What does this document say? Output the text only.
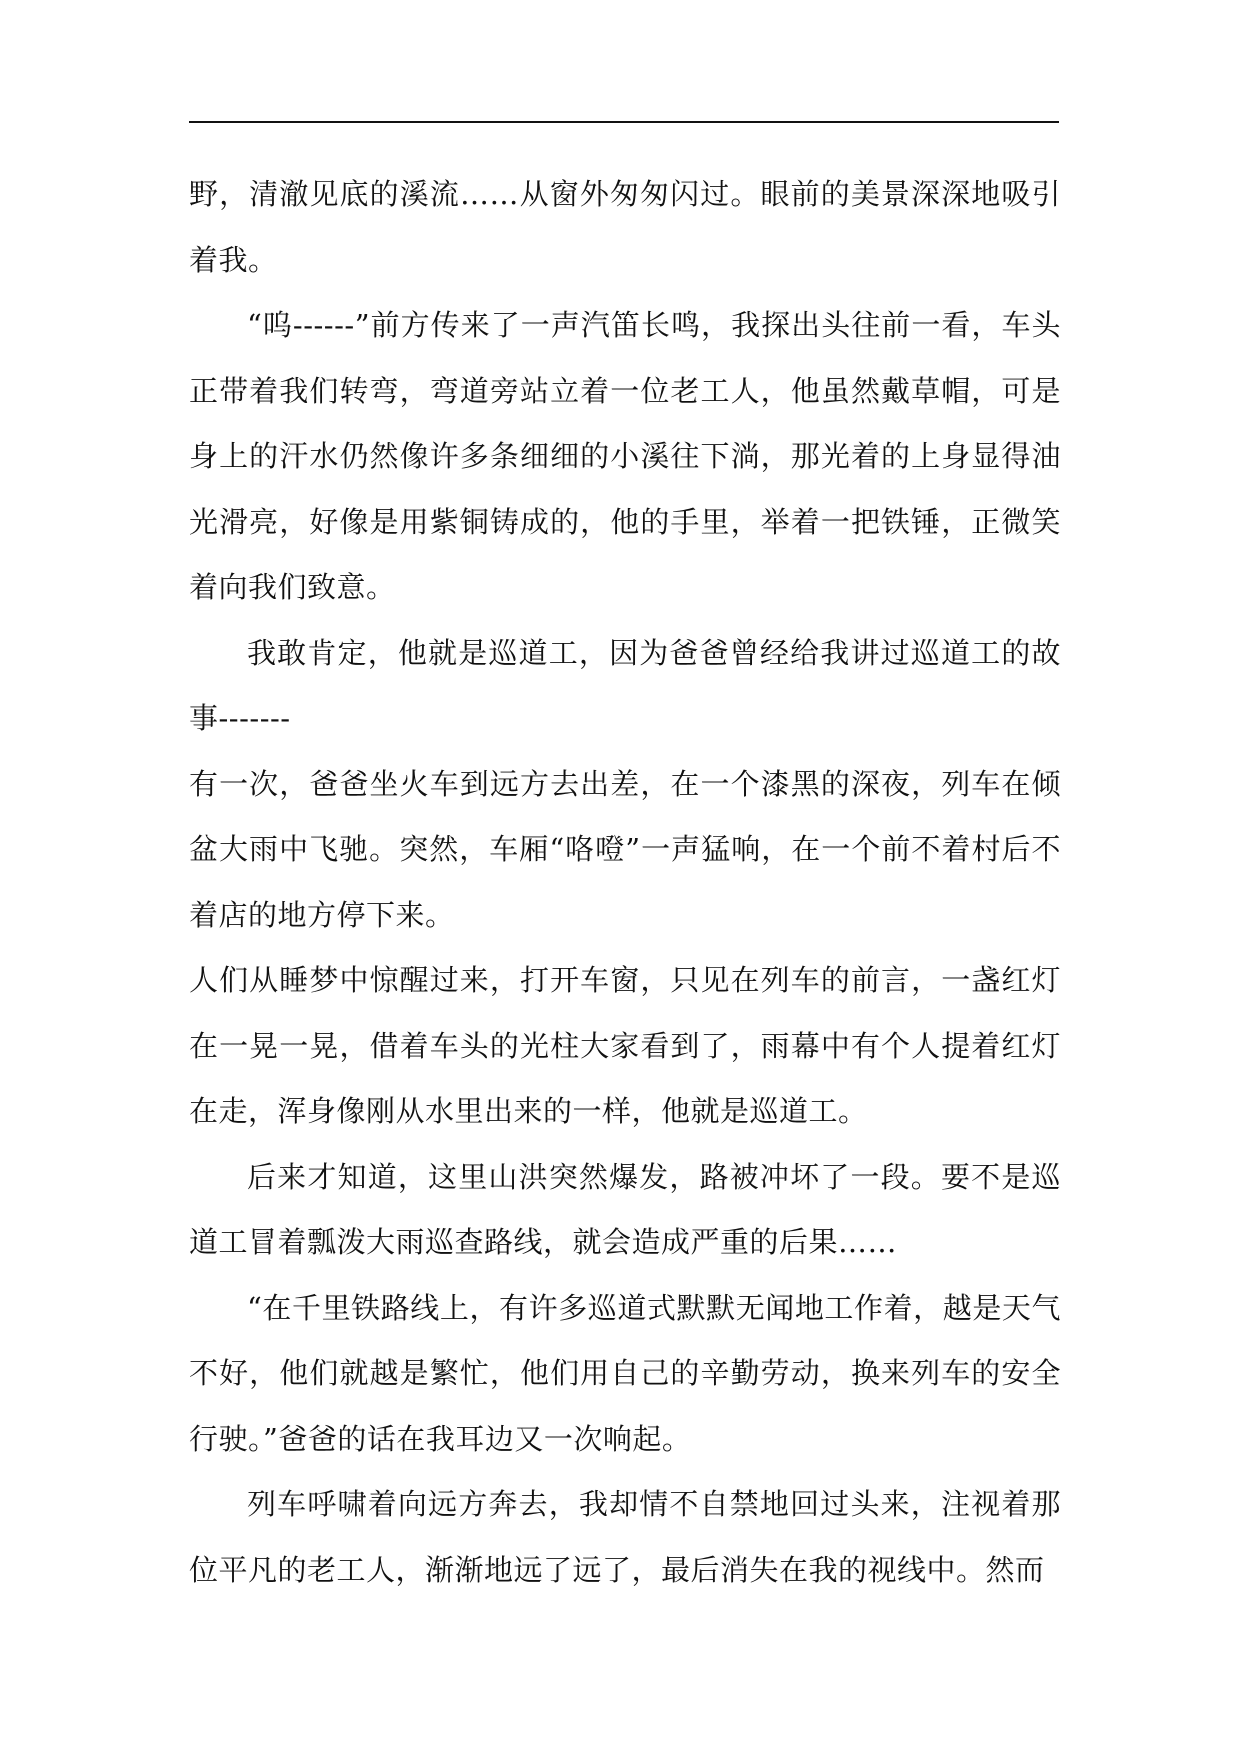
野，清澈见底的溪流……从窗外匆匆闪过。眼前的美景深深地吸引着我。

“呜------”前方传来了一声汽笛长鸣，我探出头往前一看，车头正带着我们转弯，弯道旁站立着一位老工人，他虽然戴草帽，可是身上的汗水仍然像许多条细细的小溪往下淌，那光着的上身显得油光滑亮，好像是用紫铜铸成的，他的手里，举着一把铁锤，正微笑着向我们致意。

我敢肯定，他就是巡道工，因为爸爸曾经给我讲过巡道工的故事-------

有一次，爸爸坐火车到远方去出差，在一个漆黑的深夜，列车在倾盆大雨中飞驰。突然，车厢“咯噔”一声猛响，在一个前不着村后不着店的地方停下来。

人们从睡梦中惊醒过来，打开车窗，只见在列车的前言，一盏红灯在一晃一晃，借着车头的光柱大家看到了，雨幕中有个人提着红灯在走，浑身像刚从水里出来的一样，他就是巡道工。

后来才知道，这里山洪突然爆发，路被冲坏了一段。要不是巡道工冒着瓢泼大雨巡查路线，就会造成严重的后果……

“在千里铁路线上，有许多巡道式默默无闻地工作着，越是天气不好，他们就越是繁忙，他们用自己的辛勤劳动，换来列车的安全行驶。”爸爸的话在我耳边又一次响起。

列车呼啸着向远方奔去，我却情不自禁地回过头来，注视着那位平凡的老工人，渐渐地远了远了，最后消失在我的视线中。然而
